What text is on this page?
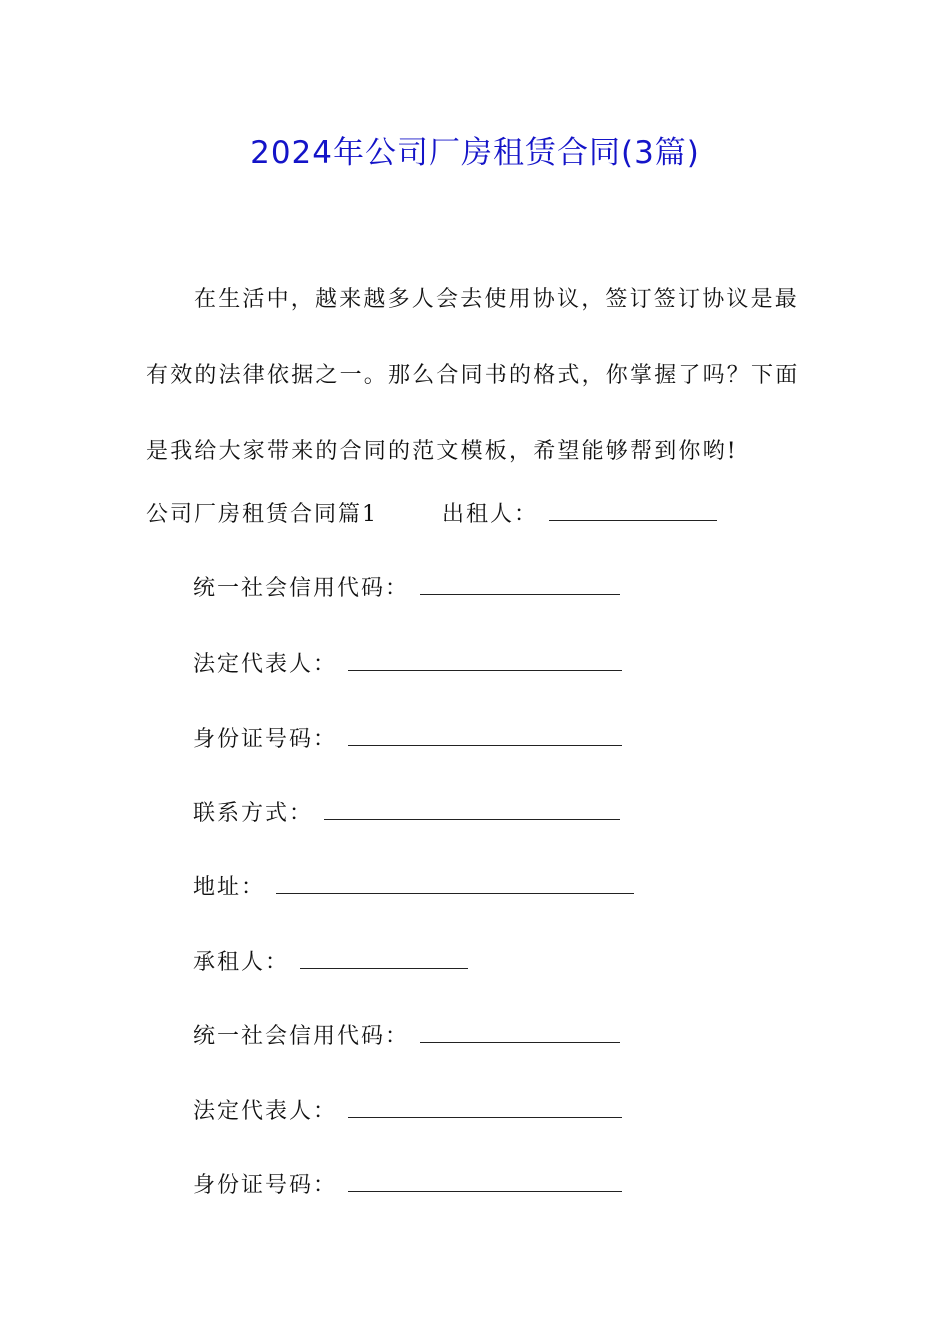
2024年公司厂房租赁合同(3篇)

在生活中，越来越多人会去使用协议，签订签订协议是最有效的法律依据之一。那么合同书的格式，你掌握了吗？下面是我给大家带来的合同的范文模板，希望能够帮到你哟!

公司厂房租赁合同篇1	出租人：
统一社会信用代码：
法定代表人：
身份证号码：
联系方式：
地址：
承租人：
统一社会信用代码：
法定代表人：
身份证号码：
